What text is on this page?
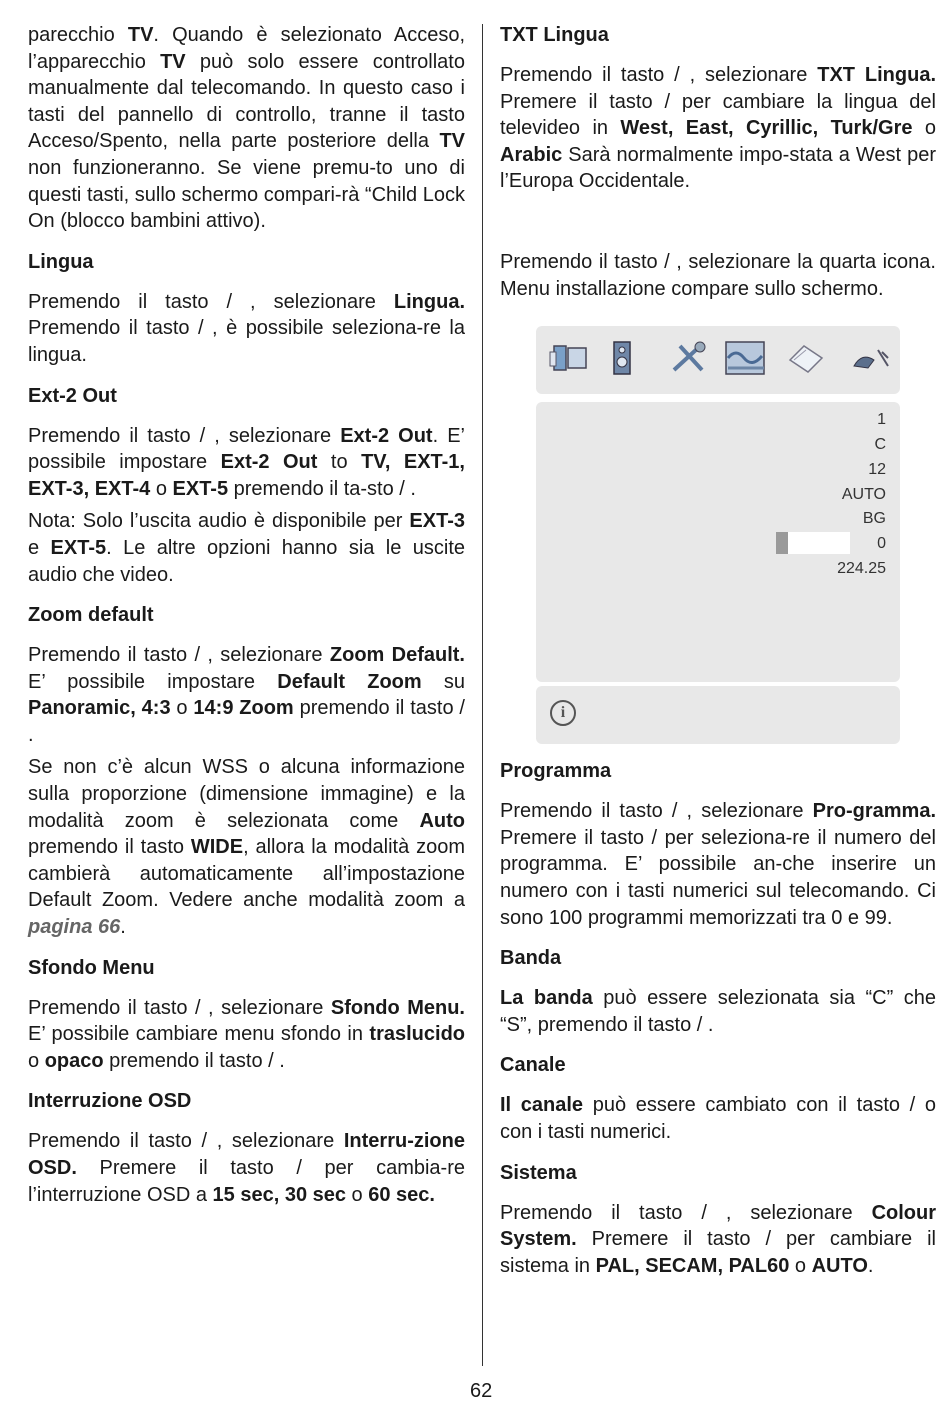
parecchio TV. Quando è selezionato Acceso, l’apparecchio TV può solo essere controllato manualmente dal telecomando. In questo caso i tasti del pannello di controllo, tranne il tasto Acceso/Spento, nella parte posteriore della TV non funzioneranno. Se viene premu-to uno di questi tasti, sullo schermo compari-rà “Child Lock On (blocco bambini attivo).

Lingua

Premendo il tasto / , selezionare Lingua. Premendo il tasto / , è possibile seleziona-re la lingua.

Ext-2 Out

Premendo il tasto / , selezionare Ext-2 Out. E’ possibile impostare Ext-2 Out to TV, EXT-1, EXT-3, EXT-4 o EXT-5 premendo il ta-sto / .

Nota: Solo l’uscita audio è disponibile per EXT-3 e EXT-5. Le altre opzioni hanno sia le uscite audio che video.

Zoom default

Premendo il tasto / , selezionare Zoom Default. E’ possibile impostare Default Zoom su Panoramic, 4:3 o 14:9 Zoom premendo il tasto / .

Se non c’è alcun WSS o alcuna informazione sulla proporzione (dimensione immagine) e la modalità zoom è selezionata come Auto premendo il tasto WIDE, allora la modalità zoom cambierà automaticamente all’impostazione Default Zoom. Vedere anche modalità zoom a pagina 66.

Sfondo Menu

Premendo il tasto / , selezionare Sfondo Menu. E’ possibile cambiare menu sfondo in traslucido o opaco premendo il tasto / .

Interruzione OSD

Premendo il tasto / , selezionare Interru-zione OSD. Premere il tasto / per cambia-re l’interruzione OSD a 15 sec, 30 sec o 60 sec.

TXT Lingua

Premendo il tasto / , selezionare TXT Lingua. Premere il tasto / per cambiare la lingua del televideo in West, East, Cyrillic, Turk/Gre o Arabic Sarà normalmente impo-stata a West per l’Europa Occidentale.

Premendo il tasto / , selezionare la quarta icona. Menu installazione compare sullo schermo.

1
C
12
AUTO
BG
0
224.25
i
Programma

Premendo il tasto / , selezionare Pro-gramma. Premere il tasto / per seleziona-re il numero del programma. E’ possibile an-che inserire un numero con i tasti numerici sul telecomando. Ci sono 100 programmi memorizzati tra 0 e 99.

Banda

La banda può essere selezionata sia “C” che “S”, premendo il tasto / .

Canale

Il canale può essere cambiato con il tasto / o con i tasti numerici.

Sistema

Premendo il tasto / , selezionare Colour System. Premere il tasto / per cambiare il sistema in PAL, SECAM, PAL60 o AUTO.

62
